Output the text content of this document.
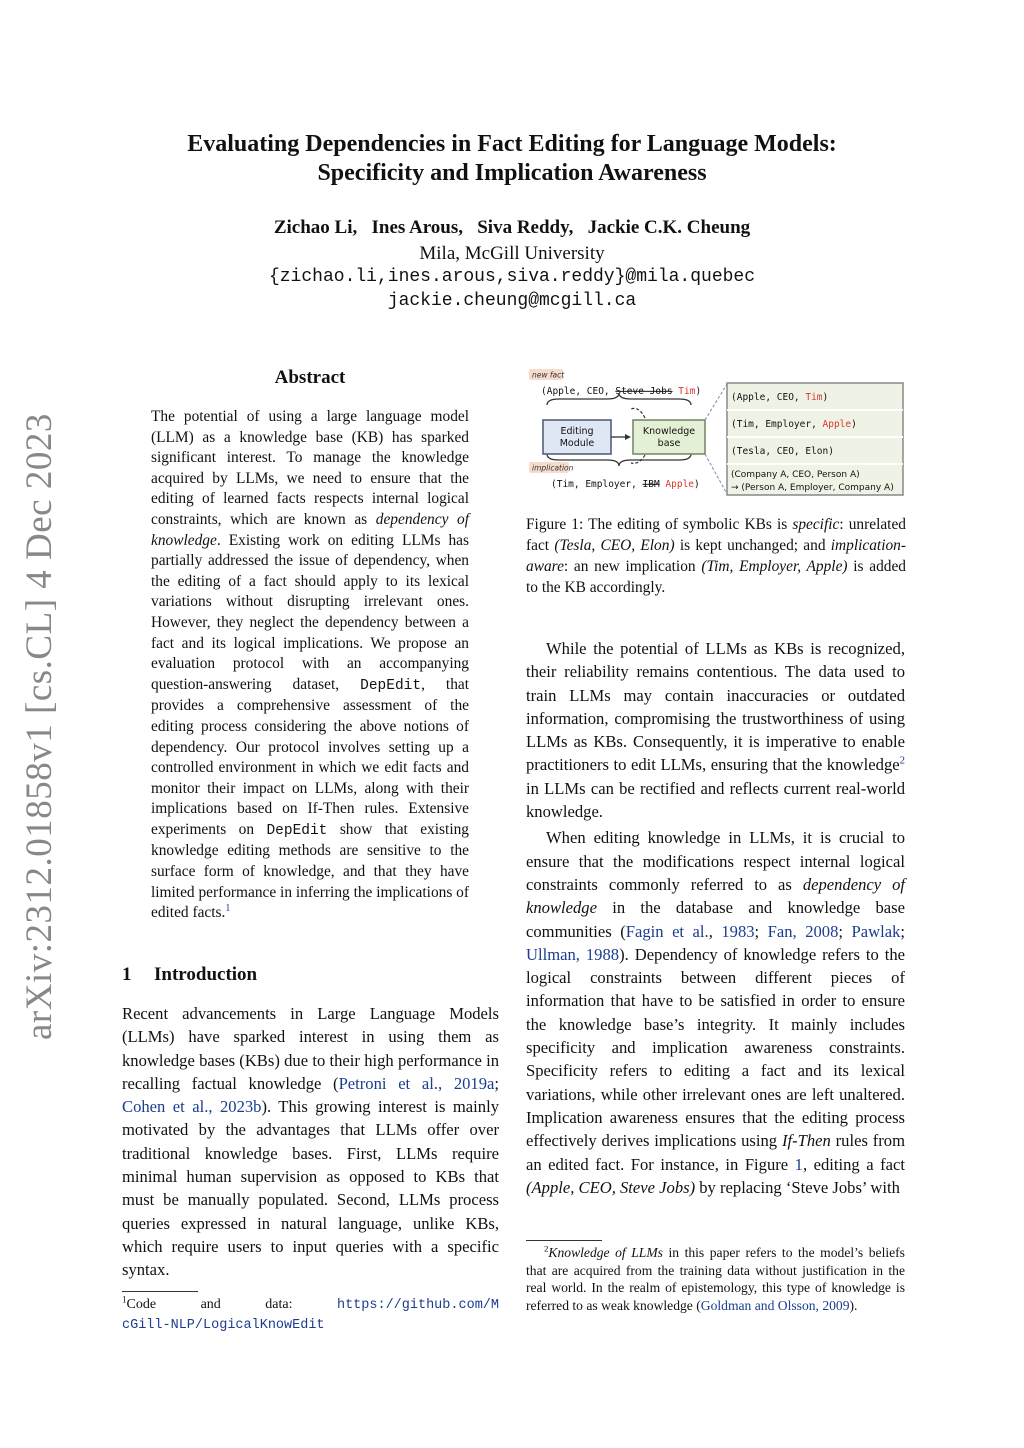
arXiv:2312.01858v1 [cs.CL] 4 Dec 2023
Evaluating Dependencies in Fact Editing for Language Models:
Specificity and Implication Awareness
Zichao Li,   Ines Arous,   Siva Reddy,   Jackie C.K. Cheung
Mila, McGill University
{zichao.li,ines.arous,siva.reddy}@mila.quebec
jackie.cheung@mcgill.ca
Abstract
The potential of using a large language model (LLM) as a knowledge base (KB) has sparked significant interest. To manage the knowledge acquired by LLMs, we need to ensure that the editing of learned facts respects internal logical constraints, which are known as dependency of knowledge. Existing work on editing LLMs has partially addressed the issue of dependency, when the editing of a fact should apply to its lexical variations without disrupting irrelevant ones. However, they neglect the dependency between a fact and its logical implications. We propose an evaluation protocol with an accompanying question-answering dataset, DepEdit, that provides a comprehensive assessment of the editing process considering the above notions of dependency. Our protocol involves setting up a controlled environment in which we edit facts and monitor their impact on LLMs, along with their implications based on If-Then rules. Extensive experiments on DepEdit show that existing knowledge editing methods are sensitive to the surface form of knowledge, and that they have limited performance in inferring the implications of edited facts.$^1$
1 Introduction
Recent advancements in Large Language Models (LLMs) have sparked interest in using them as knowledge bases (KBs) due to their high performance in recalling factual knowledge (Petroni et al., 2019a; Cohen et al., 2023b). This growing interest is mainly motivated by the advantages that LLMs offer over traditional knowledge bases. First, LLMs require minimal human supervision as opposed to KBs that must be manually populated. Second, LLMs process queries expressed in natural language, unlike KBs, which require users to input queries with a specific syntax.
$^1$Code and data: https://github.com/McGill-NLP/LogicalKnowEdit
new fact
(Apple, CEO, Steve Jobs Tim)
Editing
Module
Knowledge
base
implication
(Tim, Employer, IBM Apple)
(Apple, CEO, Tim)
(Tim, Employer, Apple)
(Tesla, CEO, Elon)
(Company A, CEO, Person A)
→ (Person A, Employer, Company A)
Figure 1: The editing of symbolic KBs is specific: unrelated fact (Tesla, CEO, Elon) is kept unchanged; and implication-aware: an new implication (Tim, Employer, Apple) is added to the KB accordingly.

While the potential of LLMs as KBs is recognized, their reliability remains contentious. The data used to train LLMs may contain inaccuracies or outdated information, compromising the trustworthiness of using LLMs as KBs. Consequently, it is imperative to enable practitioners to edit LLMs, ensuring that the knowledge$^2$ in LLMs can be rectified and reflects current real-world knowledge.

When editing knowledge in LLMs, it is crucial to ensure that the modifications respect internal logical constraints commonly referred to as dependency of knowledge in the database and knowledge base communities (Fagin et al., 1983; Fan, 2008; Pawlak; Ullman, 1988). Dependency of knowledge refers to the logical constraints between different pieces of information that have to be satisfied in order to ensure the knowledge base’s integrity. It mainly includes specificity and implication awareness constraints. Specificity refers to editing a fact and its lexical variations, while other irrelevant ones are left unaltered. Implication awareness ensures that the editing process effectively derives implications using If-Then rules from an edited fact. For instance, in Figure 1, editing a fact (Apple, CEO, Steve Jobs) by replacing ‘Steve Jobs’ with

$^2$Knowledge of LLMs in this paper refers to the model’s beliefs that are acquired from the training data without justification in the real world. In the realm of epistemology, this type of knowledge is referred to as weak knowledge (Goldman and Olsson, 2009).
